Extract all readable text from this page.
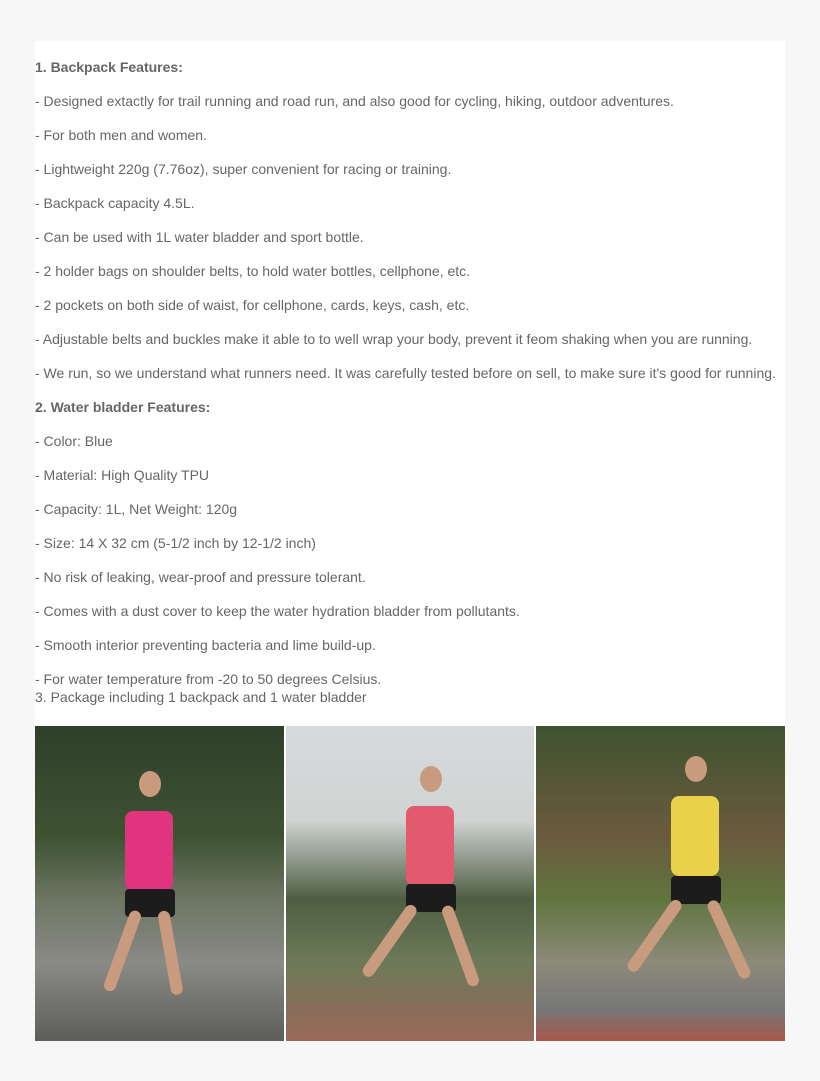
1. Backpack Features:
- Designed extactly for trail running and road run, and also good for cycling, hiking, outdoor adventures.
- For both men and women.
- Lightweight 220g (7.76oz), super convenient for racing or training.
- Backpack capacity 4.5L.
- Can be used with 1L water bladder and sport bottle.
- 2 holder bags on shoulder belts, to hold water bottles, cellphone, etc.
- 2 pockets on both side of waist, for cellphone, cards, keys, cash, etc.
- Adjustable belts and buckles make it able to to well wrap your body, prevent it feom shaking when you are running.
- We run, so we understand what runners need. It was carefully tested before on sell, to make sure it's good for running.
2. Water bladder Features:
- Color: Blue
- Material: High Quality TPU
- Capacity: 1L, Net Weight: 120g
- Size: 14 X 32 cm (5-1/2 inch by 12-1/2 inch)
- No risk of leaking, wear-proof and pressure tolerant.
- Comes with a dust cover to keep the water hydration bladder from pollutants.
- Smooth interior preventing bacteria and lime build-up.
- For water temperature from -20 to 50 degrees Celsius.
3. Package including 1 backpack and 1 water bladder
